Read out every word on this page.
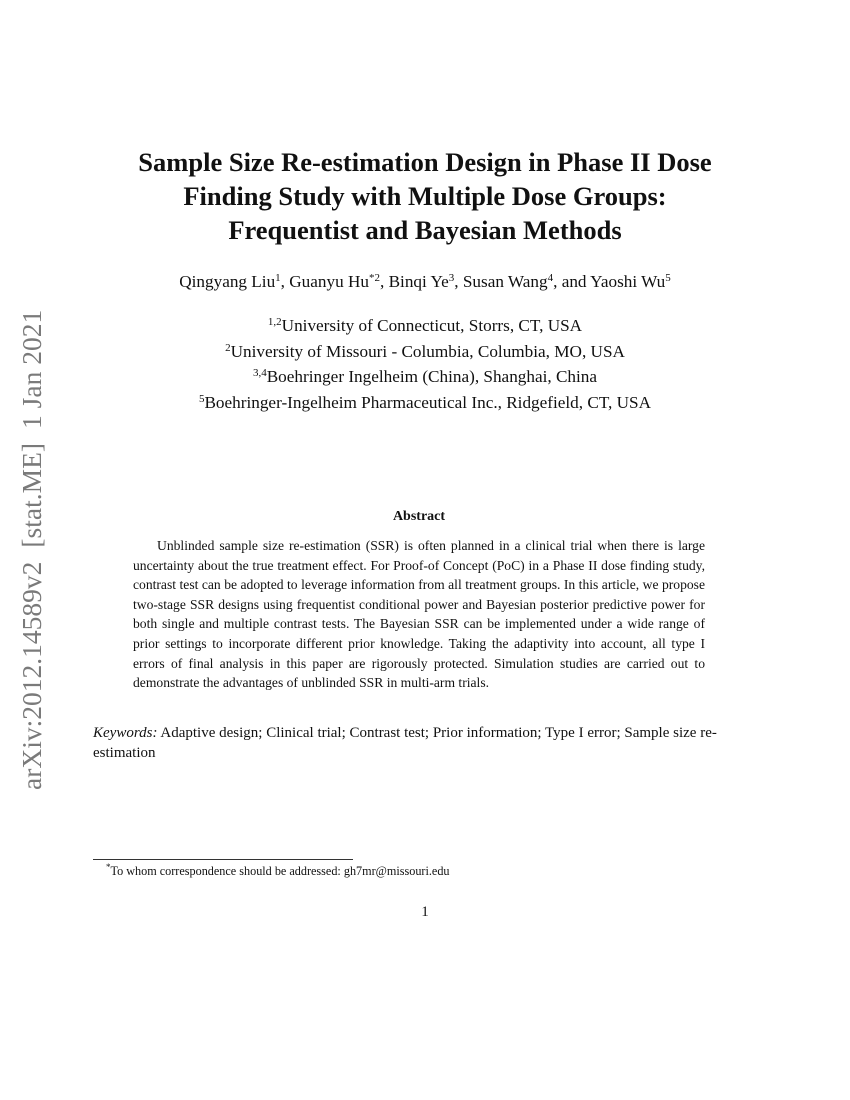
arXiv:2012.14589v2[stat.ME]1 Jan 2021
Sample Size Re-estimation Design in Phase II Dose
Finding Study with Multiple Dose Groups:
Frequentist and Bayesian Methods
Qingyang Liu$^1$, Guanyu Hu$^{*2}$, Binqi Ye$^3$, Susan Wang$^4$, and Yaoshi Wu$^5$
$^{1,2}$University of Connecticut, Storrs, CT, USA
$^2$University of Missouri - Columbia, Columbia, MO, USA
$^{3,4}$Boehringer Ingelheim (China), Shanghai, China
$^5$Boehringer-Ingelheim Pharmaceutical Inc., Ridgefield, CT, USA
Abstract

Unblinded sample size re-estimation (SSR) is often planned in a clinical trial when there is large uncertainty about the true treatment effect. For Proof-of Concept (PoC) in a Phase II dose finding study, contrast test can be adopted to leverage information from all treatment groups. In this article, we propose two-stage SSR designs using frequentist conditional power and Bayesian posterior predictive power for both single and multiple contrast tests. The Bayesian SSR can be implemented under a wide range of prior settings to incorporate different prior knowledge. Taking the adaptivity into account, all type I errors of final analysis in this paper are rigorously protected. Simulation studies are carried out to demonstrate the advantages of unblinded SSR in multi-arm trials.

Keywords: Adaptive design; Clinical trial; Contrast test; Prior information; Type I error; Sample size re-estimation

*To whom correspondence should be addressed: gh7mr@missouri.edu
1
